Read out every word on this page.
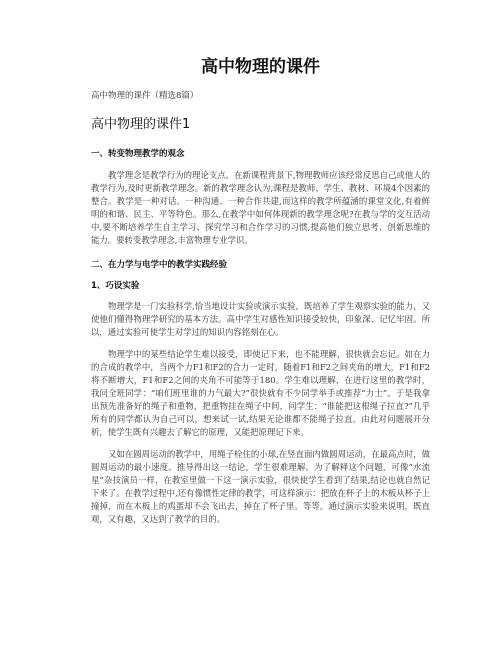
高中物理的课件
高中物理的课件（精选8篇）
高中物理的课件1
一、转变物理教学的观念

教学理念是教学行为的理论支点。在新课程背景下,物理教师应该经常反思自己或他人的教学行为,及时更新教学理念。新的教学理念认为,课程是教师、学生、教材、环境4个因素的整合。教学是一种对话、一种沟通、一种合作共建,而这样的教学所蕴涵的课堂文化,有着鲜明的和谐、民主、平等特色。那么,在教学中如何体现新的教学理念呢?在教与学的交互活动中,要不断培养学生自主学习、探究学习和合作学习的习惯,提高他们独立思考、创新思维的能力。要转变教学理念,丰富物理专业学识。

二、在力学与电学中的教学实践经验
1、巧设实验

物理学是一门实验科学,恰当地设计实验或演示实验，既培养了学生观察实验的能力，又使他们懂得物理学研究的基本方法。高中学生对感性知识接受较快，印象深、记忆牢固。所以，通过实验可使学生对学过的知识内容铭刻在心。

物理学中的某些结论学生难以接受，即使记下来，也不能理解，很快就会忘记。如在力的合成的教学中，当两个力F1和F2的合力一定时，随着F1和F2之间夹角的增大，F1和F2将不断增大，F1和F2之间的夹角不可能等于180。学生难以理解，在进行这里的教学时，我问全班同学：“咱们班里谁的力气最大?”很快就有不少同学举手或推荐“力士”。于是我拿出预先准备好的绳子和重物，把重物挂在绳子中间，问学生：“谁能把这根绳子拉直?”几乎所有的同学都认为自己可以，想来试一试,结果无论谁都不能绳子拉直。由此对问题展开分析，使学生既有兴趣去了解它的原理，又能把原理记下来。

又如在圆周运动的教学中，用绳子栓住的小球,在竖直面内做圆周运动，在最高点时，做圆周运动的最小速度。推导得出这一结论，学生很难理解。为了解释这个问题，可像“水流星”杂技演员一样，在教室里做一下这一演示实验，很快使学生看到了结果,结论也就自然记下来了。在教学过程中,还有像惯性定律的教学，可这样演示：把放在杯子上的木板从杯子上撞掉，而在木板上的鸡蛋却不会飞出去，掉在了杯子里。等等。通过演示实验来说明，既直观，又有趣，又达到了教学的目的。
